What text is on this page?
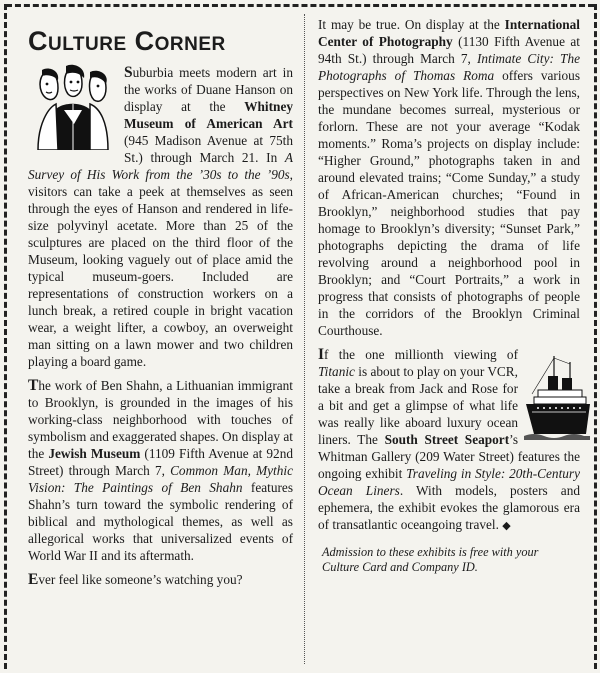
Culture Corner

Suburbia meets modern art in the works of Duane Hanson on display at the Whitney Museum of American Art (945 Madison Avenue at 75th St.) through March 21. In A Survey of His Work from the ’30s to the ’90s, visitors can take a peek at themselves as seen through the eyes of Hanson and rendered in life-size polyvinyl acetate. More than 25 of the sculptures are placed on the third floor of the Museum, looking vaguely out of place amid the typical museum-goers. Included are representations of construction workers on a lunch break, a retired couple in bright vacation wear, a weight lifter, a cowboy, an overweight man sitting on a lawn mower and two children playing a board game.

The work of Ben Shahn, a Lithuanian immigrant to Brooklyn, is grounded in the images of his working-class neighborhood with touches of symbolism and exaggerated shapes. On display at the Jewish Museum (1109 Fifth Avenue at 92nd Street) through March 7, Common Man, Mythic Vision: The Paintings of Ben Shahn features Shahn’s turn toward the symbolic rendering of biblical and mythological themes, as well as allegorical works that universalized events of World War II and its aftermath.

Ever feel like someone’s watching you?

It may be true. On display at the International Center of Photography (1130 Fifth Avenue at 94th St.) through March 7, Intimate City: The Photographs of Thomas Roma offers various perspectives on New York life. Through the lens, the mundane becomes surreal, mysterious or forlorn. These are not your average “Kodak moments.” Roma’s projects on display include: “Higher Ground,” photographs taken in and around elevated trains; “Come Sunday,” a study of African-American churches; “Found in Brooklyn,” neighborhood studies that pay homage to Brooklyn’s diversity; “Sunset Park,” photographs depicting the drama of life revolving around a neighborhood pool in Brooklyn; and “Court Portraits,” a work in progress that consists of photographs of people in the corridors of the Brooklyn Criminal Courthouse.

If the one millionth viewing of Titanic is about to play on your VCR, take a break from Jack and Rose for a bit and get a glimpse of what life was really like aboard luxury ocean liners. The South Street Seaport’s Whitman Gallery (209 Water Street) features the ongoing exhibit Traveling in Style: 20th-Century Ocean Liners. With models, posters and ephemera, the exhibit evokes the glamorous era of transatlantic oceangoing travel. ◆

Admission to these exhibits is free with your Culture Card and Company ID.
